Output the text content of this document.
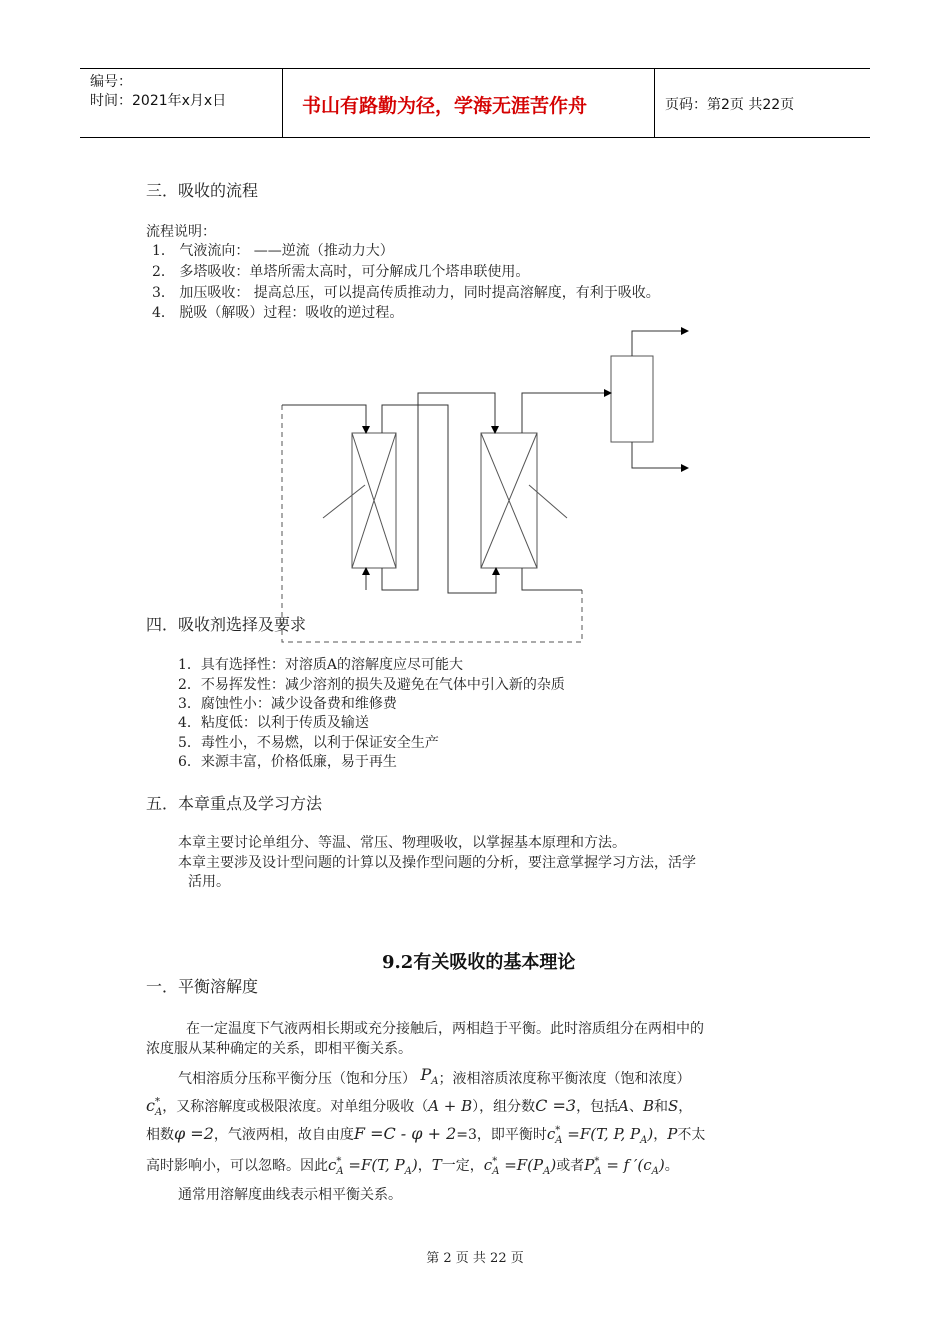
编号：
时间：2021年x月x日	书山有路勤为径，学海无涯苦作舟	页码：第2页 共22页
三．吸收的流程
流程说明：
1． 气液流向： ——逆流（推动力大）
2． 多塔吸收：单塔所需太高时，可分解成几个塔串联使用。
3． 加压吸收： 提高总压，可以提高传质推动力，同时提高溶解度，有利于吸收。
4． 脱吸（解吸）过程：吸收的逆过程。
四．吸收剂选择及要求
1．具有选择性：对溶质A的溶解度应尽可能大
2．不易挥发性：减少溶剂的损失及避免在气体中引入新的杂质
3．腐蚀性小：减少设备费和维修费
4．粘度低：以利于传质及输送
5．毒性小，不易燃，以利于保证安全生产
6．来源丰富，价格低廉，易于再生
五．本章重点及学习方法
本章主要讨论单组分、等温、常压、物理吸收，以掌握基本原理和方法。
本章主要涉及设计型问题的计算以及操作型问题的分析，要注意掌握学习方法，活学
活用。
9.2有关吸收的基本理论
一．平衡溶解度
在一定温度下气液两相长期或充分接触后，两相趋于平衡。此时溶质组分在两相中的
浓度服从某种确定的关系，即相平衡关系。
气相溶质分压称平衡分压（饱和分压） $P_A$；液相溶质浓度称平衡浓度（饱和浓度）
$c^*_A$，又称溶解度或极限浓度。对单组分吸收（A + B），组分数C =3，包括A、B和S，
相数φ =2，气液两相，故自由度F =C - φ + 2=3，即平衡时$c^*_A =F(T$, P, $P_A$)，P不太
高时影响小，可以忽略。因此$c^*_A =F(T$, $P_A$)，T一定，$c^*_A =F(P_A)$或者$P^*_A = f$ $'(c_A)$。
通常用溶解度曲线表示相平衡关系。
第 2 页 共 22 页
